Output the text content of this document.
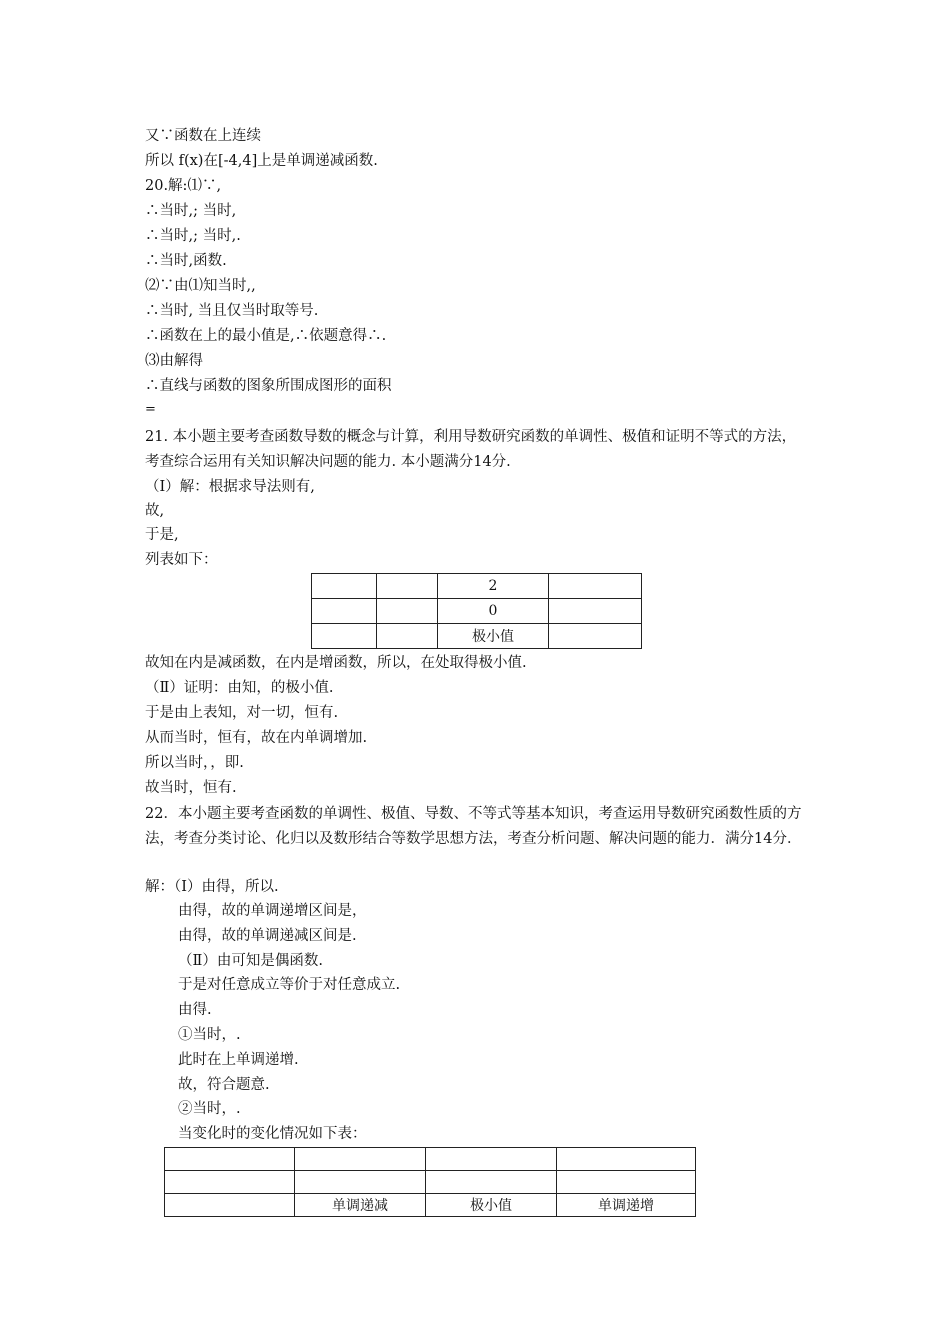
又∵函数在上连续
所以 f(x)在[-4,4]上是单调递减函数.
20.解:⑴∵,
∴当时,; 当时,
∴当时,; 当时,.
∴当时,函数.
⑵∵由⑴知当时,,
∴当时, 当且仅当时取等号.
∴函数在上的最小值是,∴依题意得∴.
⑶由解得
∴直线与函数的图象所围成图形的面积
=
21. 本小题主要考查函数导数的概念与计算，利用导数研究函数的单调性、极值和证明不等式的方法，考查综合运用有关知识解决问题的能力. 本小题满分14分.
（Ⅰ）解：根据求导法则有,
故,
于是,
列表如下：
		2	
		0	
		极小值	
故知在内是减函数，在内是增函数，所以，在处取得极小值.
（Ⅱ）证明：由知，的极小值.
于是由上表知，对一切，恒有.
从而当时，恒有，故在内单调增加.
所以当时，，即.
故当时，恒有.
22．本小题主要考查函数的单调性、极值、导数、不等式等基本知识，考查运用导数研究函数性质的方法，考查分类讨论、化归以及数形结合等数学思想方法，考查分析问题、解决问题的能力．满分14分．
解：（Ⅰ）由得，所以.
由得，故的单调递增区间是，
由得，故的单调递减区间是.
（Ⅱ）由可知是偶函数.
于是对任意成立等价于对任意成立.
由得.
①当时，.
此时在上单调递增.
故，符合题意.
②当时，.
当变化时的变化情况如下表：

	单调递减	极小值	单调递增
